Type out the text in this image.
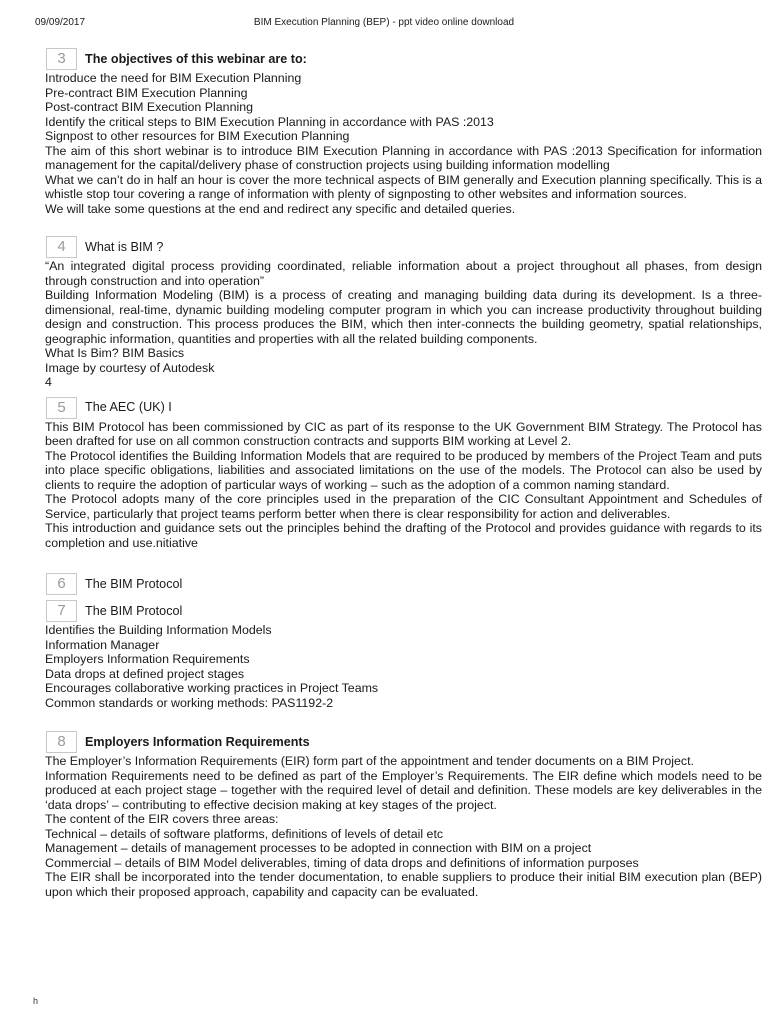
09/09/2017	BIM Execution Planning (BEP) - ppt video online download
3	The objectives of this webinar are to:

Introduce the need for BIM Execution Planning

Pre-contract BIM Execution Planning

Post-contract BIM Execution Planning

Identify the critical steps to BIM Execution Planning in accordance with PAS :2013

Signpost to other resources for BIM Execution Planning

The aim of this short webinar is to introduce BIM Execution Planning in accordance with PAS :2013 Specification for information management for the capital/delivery phase of construction projects using building information modelling

What we can’t do in half an hour is cover the more technical aspects of BIM generally and Execution planning specifically. This is a whistle stop tour covering a range of information with plenty of signposting to other websites and information sources.

We will take some questions at the end and redirect any specific and detailed queries.

4	What is BIM ?

“An integrated digital process providing coordinated, reliable information about a project throughout all phases, from design through construction and into operation”

Building Information Modeling (BIM) is a process of creating and managing building data during its development. Is a three-dimensional, real-time, dynamic building modeling computer program in which you can increase productivity throughout building design and construction. This process produces the BIM, which then inter-connects the building geometry, spatial relationships, geographic information, quantities and properties with all the related building components.

What Is Bim? BIM Basics

Image by courtesy of Autodesk

4

5	The AEC (UK) I

This BIM Protocol has been commissioned by CIC as part of its response to the UK Government BIM Strategy. The Protocol has been drafted for use on all common construction contracts and supports BIM working at Level 2.

The Protocol identifies the Building Information Models that are required to be produced by members of the Project Team and puts into place specific obligations, liabilities and associated limitations on the use of the models. The Protocol can also be used by clients to require the adoption of particular ways of working – such as the adoption of a common naming standard.

The Protocol adopts many of the core principles used in the preparation of the CIC Consultant Appointment and Schedules of Service, particularly that project teams perform better when there is clear responsibility for action and deliverables.

This introduction and guidance sets out the principles behind the drafting of the Protocol and provides guidance with regards to its completion and use.nitiative

6	The BIM Protocol
7	The BIM Protocol

Identifies the Building Information Models

Information Manager

Employers Information Requirements

Data drops at defined project stages

Encourages collaborative working practices in Project Teams

Common standards or working methods: PAS1192-2

8	Employers Information Requirements

The Employer’s Information Requirements (EIR) form part of the appointment and tender documents on a BIM Project.

Information Requirements need to be defined as part of the Employer’s Requirements. The EIR define which models need to be produced at each project stage – together with the required level of detail and definition. These models are key deliverables in the ‘data drops’ – contributing to effective decision making at key stages of the project.

The content of the EIR covers three areas:

Technical – details of software platforms, definitions of levels of detail etc

Management – details of management processes to be adopted in connection with BIM on a project

Commercial – details of BIM Model deliverables, timing of data drops and definitions of information purposes

The EIR shall be incorporated into the tender documentation, to enable suppliers to produce their initial BIM execution plan (BEP) upon which their proposed approach, capability and capacity can be evaluated.

h
